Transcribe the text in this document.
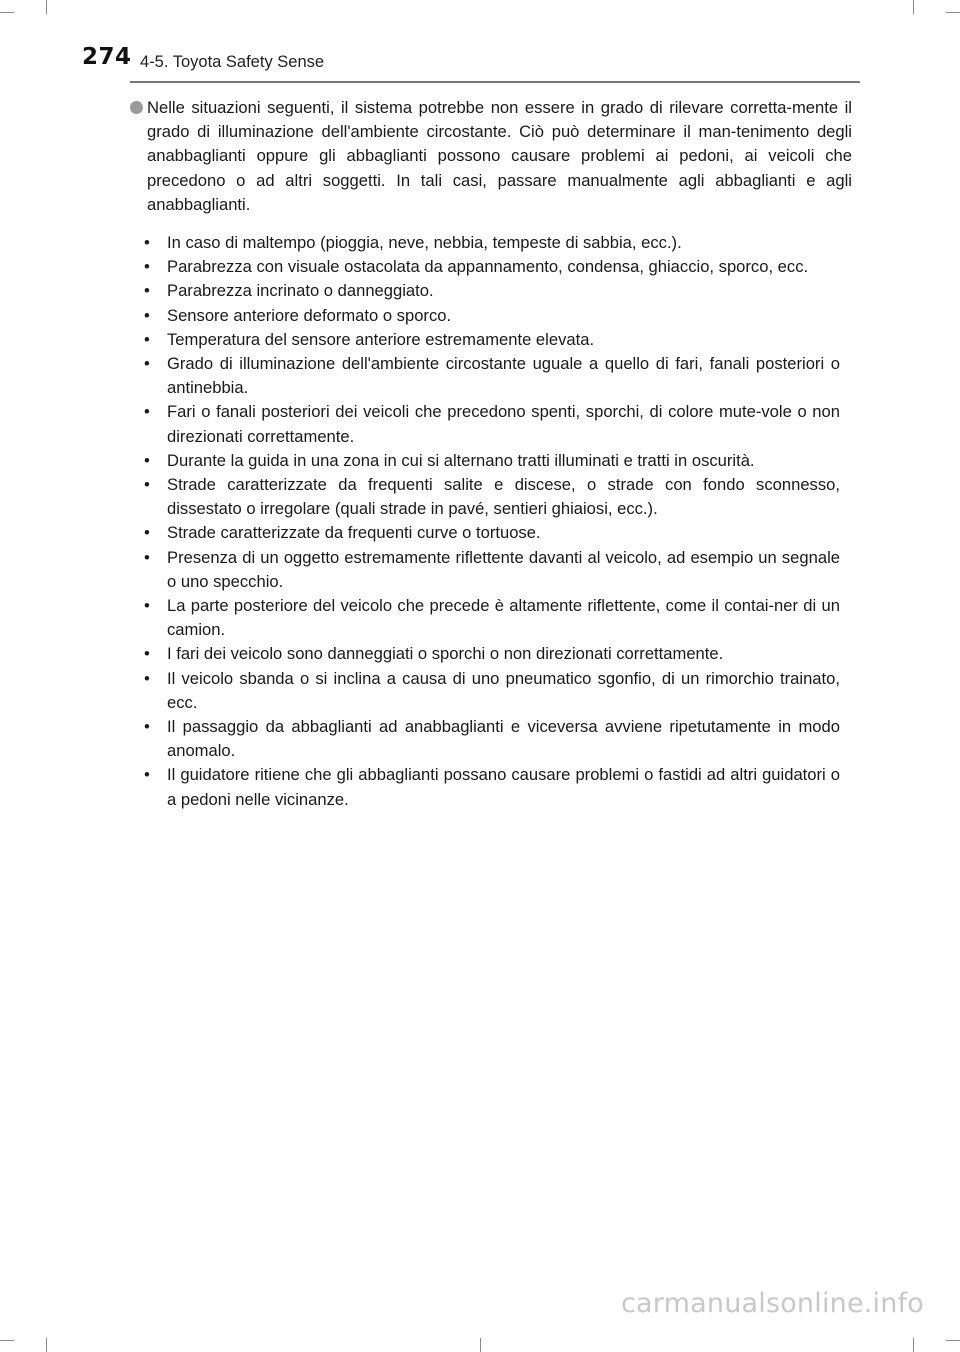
274 4-5. Toyota Safety Sense
Nelle situazioni seguenti, il sistema potrebbe non essere in grado di rilevare corretta-mente il grado di illuminazione dell'ambiente circostante. Ciò può determinare il man-tenimento degli anabbaglianti oppure gli abbaglianti possono causare problemi ai pedoni, ai veicoli che precedono o ad altri soggetti. In tali casi, passare manualmente agli abbaglianti e agli anabbaglianti.
• In caso di maltempo (pioggia, neve, nebbia, tempeste di sabbia, ecc.).
• Parabrezza con visuale ostacolata da appannamento, condensa, ghiaccio, sporco, ecc.
• Parabrezza incrinato o danneggiato.
• Sensore anteriore deformato o sporco.
• Temperatura del sensore anteriore estremamente elevata.
• Grado di illuminazione dell'ambiente circostante uguale a quello di fari, fanali posteriori o antinebbia.
• Fari o fanali posteriori dei veicoli che precedono spenti, sporchi, di colore mute-vole o non direzionati correttamente.
• Durante la guida in una zona in cui si alternano tratti illuminati e tratti in oscurità.
• Strade caratterizzate da frequenti salite e discese, o strade con fondo sconnesso, dissestato o irregolare (quali strade in pavé, sentieri ghiaiosi, ecc.).
• Strade caratterizzate da frequenti curve o tortuose.
• Presenza di un oggetto estremamente riflettente davanti al veicolo, ad esempio un segnale o uno specchio.
• La parte posteriore del veicolo che precede è altamente riflettente, come il contai-ner di un camion.
• I fari dei veicolo sono danneggiati o sporchi o non direzionati correttamente.
• Il veicolo sbanda o si inclina a causa di uno pneumatico sgonfio, di un rimorchio trainato, ecc.
• Il passaggio da abbaglianti ad anabbaglianti e viceversa avviene ripetutamente in modo anomalo.
• Il guidatore ritiene che gli abbaglianti possano causare problemi o fastidi ad altri guidatori o a pedoni nelle vicinanze.
carmanualsonline.info
